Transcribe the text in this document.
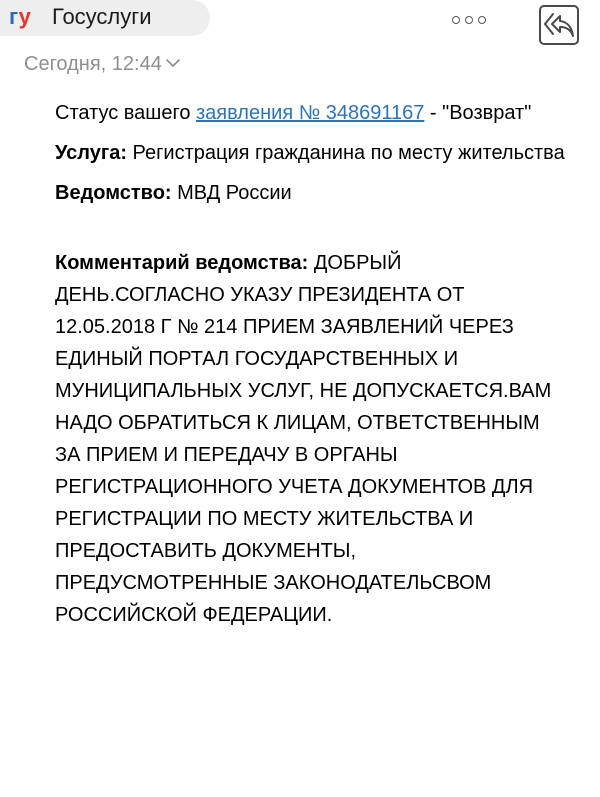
гу Госуслуги
Сегодня, 12:44

Статус вашего заявления № 348691167 - "Возврат"

Услуга: Регистрация гражданина по месту жительства

Ведомство: МВД России

Комментарий ведомства: ДОБРЫЙ ДЕНЬ.СОГЛАСНО УКАЗУ ПРЕЗИДЕНТА ОТ 12.05.2018 Г № 214 ПРИЕМ ЗАЯВЛЕНИЙ ЧЕРЕЗ ЕДИНЫЙ ПОРТАЛ ГОСУДАРСТВЕННЫХ И МУНИЦИПАЛЬНЫХ УСЛУГ, НЕ ДОПУСКАЕТСЯ.ВАМ НАДО ОБРАТИТЬСЯ К ЛИЦАМ, ОТВЕТСТВЕННЫМ ЗА ПРИЕМ И ПЕРЕДАЧУ В ОРГАНЫ РЕГИСТРАЦИОННОГО УЧЕТА ДОКУМЕНТОВ ДЛЯ РЕГИСТРАЦИИ ПО МЕСТУ ЖИТЕЛЬСТВА И ПРЕДОСТАВИТЬ ДОКУМЕНТЫ, ПРЕДУСМОТРЕННЫЕ ЗАКОНОДАТЕЛЬСВОМ РОССИЙСКОЙ ФЕДЕРАЦИИ.
